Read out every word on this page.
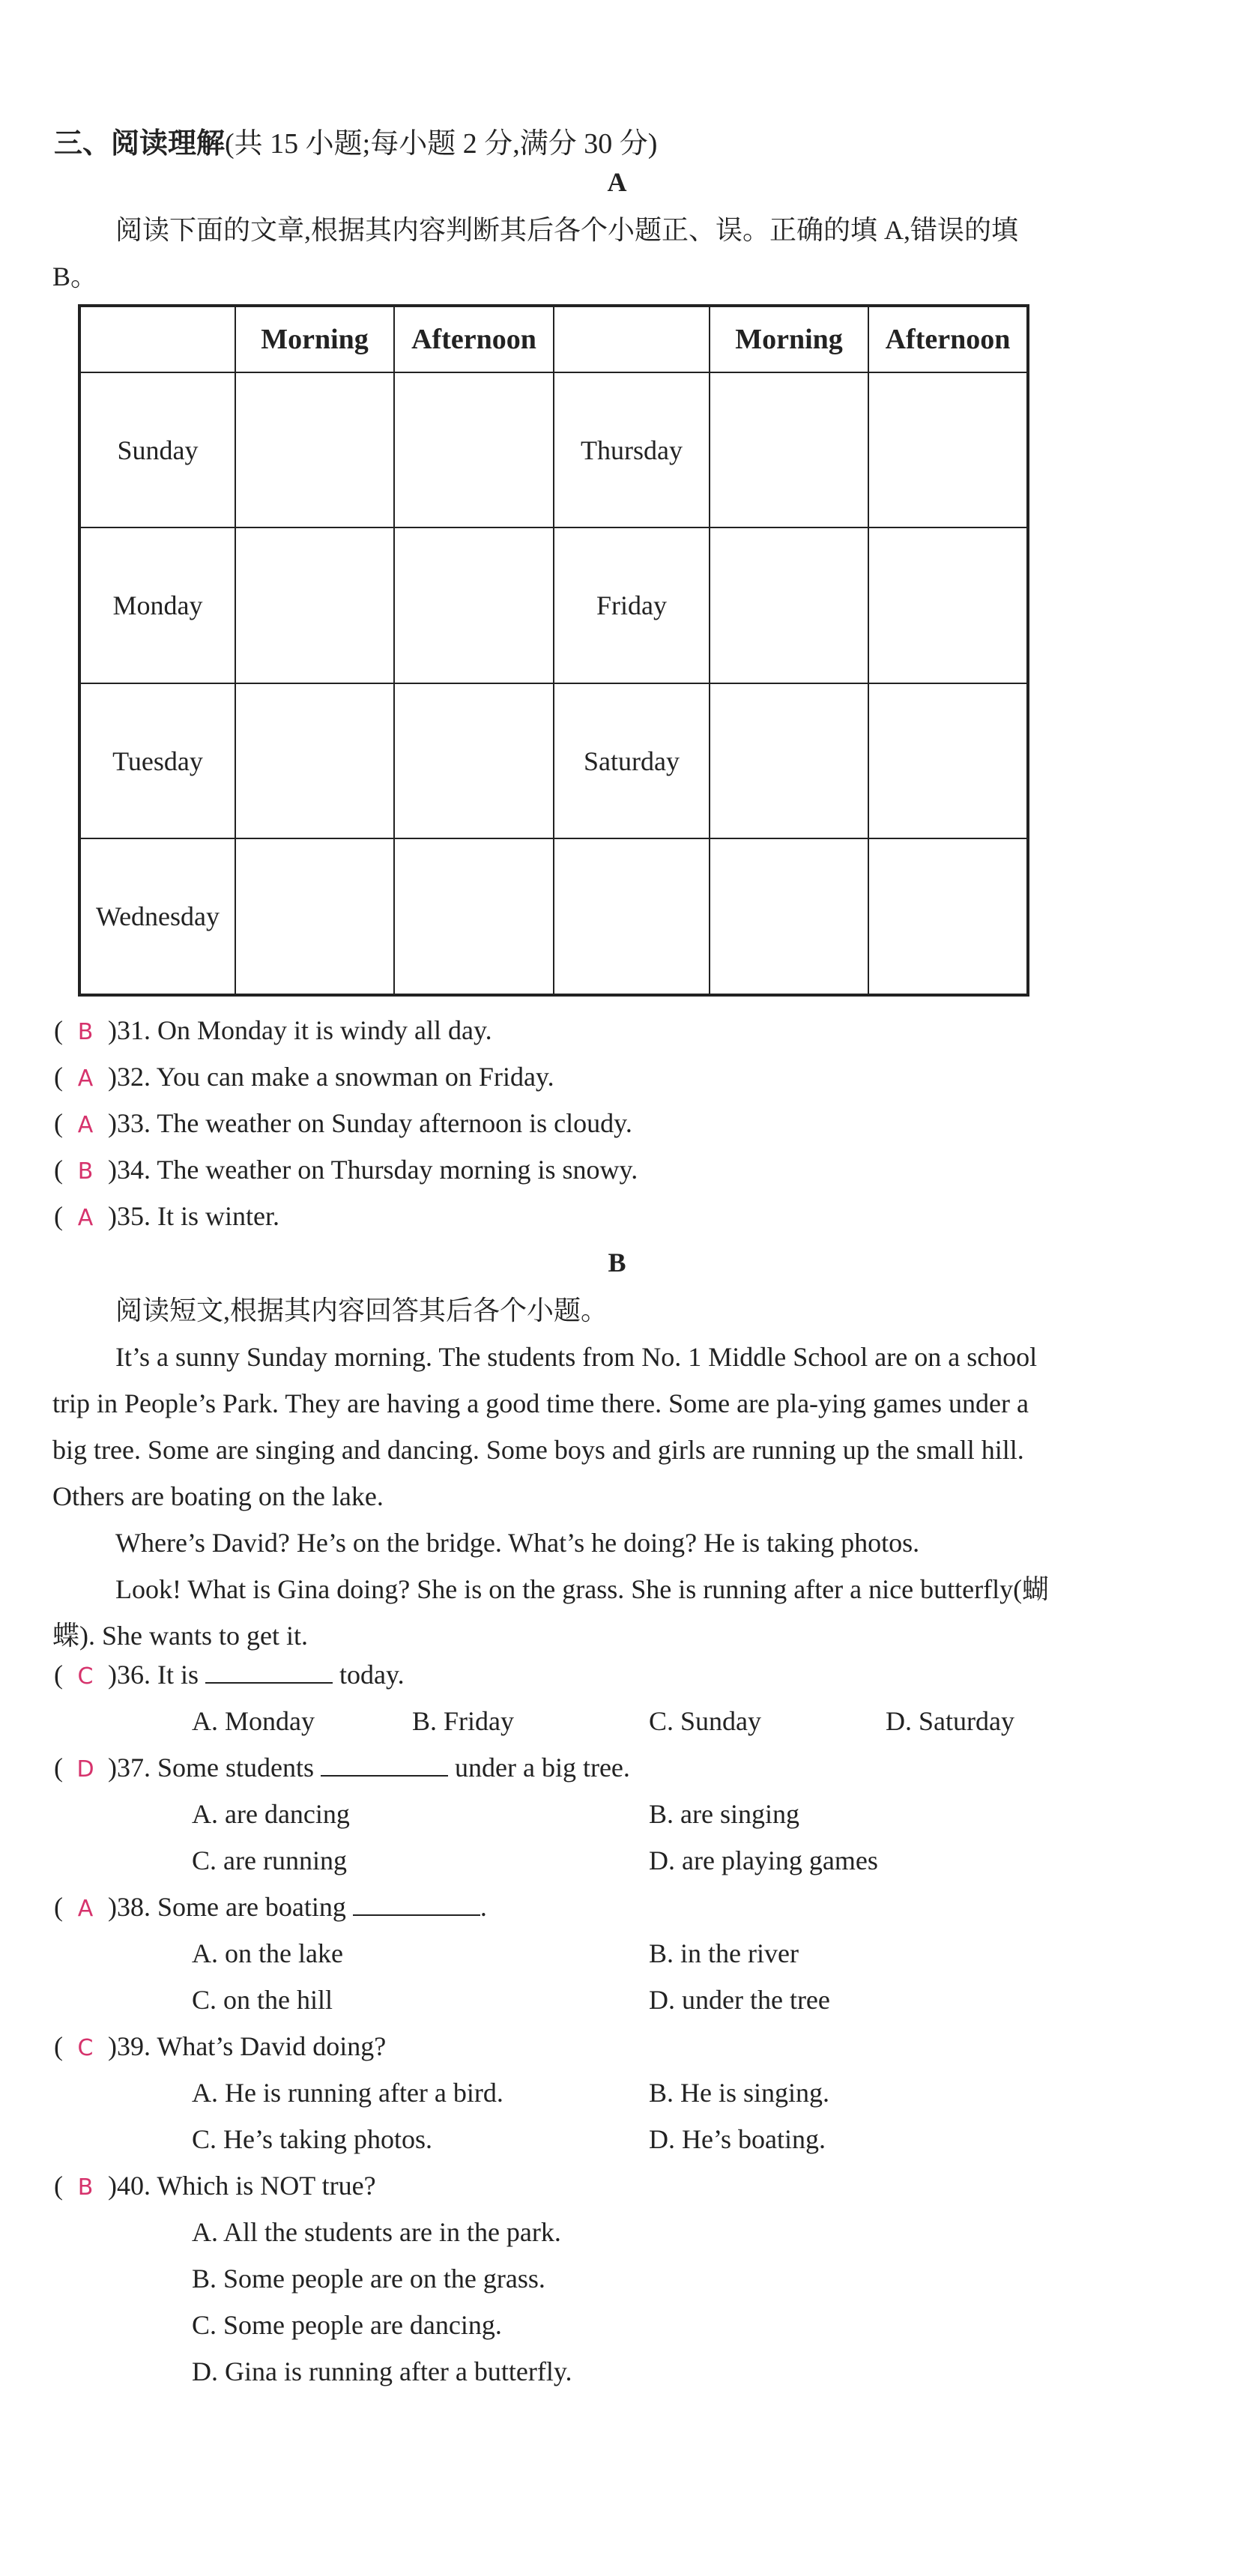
三、阅读理解(共 15 小题;每小题 2 分,满分 30 分)
A
阅读下面的文章,根据其内容判断其后各个小题正、误。正确的填 A,错误的填 B。
	Morning	Afternoon		Morning	Afternoon
Sunday			Thursday	

Monday			Friday	

Tuesday			Saturday	

Wednesday	

( B )31. On Monday it is windy all day.
( A )32. You can make a snowman on Friday.
( A )33. The weather on Sunday afternoon is cloudy.
( B )34. The weather on Thursday morning is snowy.
( A )35. It is winter.
B
阅读短文,根据其内容回答其后各个小题。
It’s a sunny Sunday morning. The students from No. 1 Middle School are on a school trip in People’s Park. They are having a good time there. Some are pla-ying games under a big tree. Some are singing and dancing. Some boys and girls are running up the small hill. Others are boating on the lake.
Where’s David? He’s on the bridge. What’s he doing? He is taking photos.
Look! What is Gina doing? She is on the grass. She is running after a nice butterfly(蝴蝶). She wants to get it.
( C )36. It is	today.
A. Monday	B. Friday	C. Sunday	D. Saturday
( D )37. Some students	under a big tree.
A. are dancing	B. are singing
C. are running	D. are playing games
( A )38. Some are boating	.
A. on the lake	B. in the river
C. on the hill	D. under the tree
( C )39. What’s David doing?
A. He is running after a bird.	B. He is singing.
C. He’s taking photos.	D. He’s boating.
( B )40. Which is NOT true?
A. All the students are in the park.
B. Some people are on the grass.
C. Some people are dancing.
D. Gina is running after a butterfly.
